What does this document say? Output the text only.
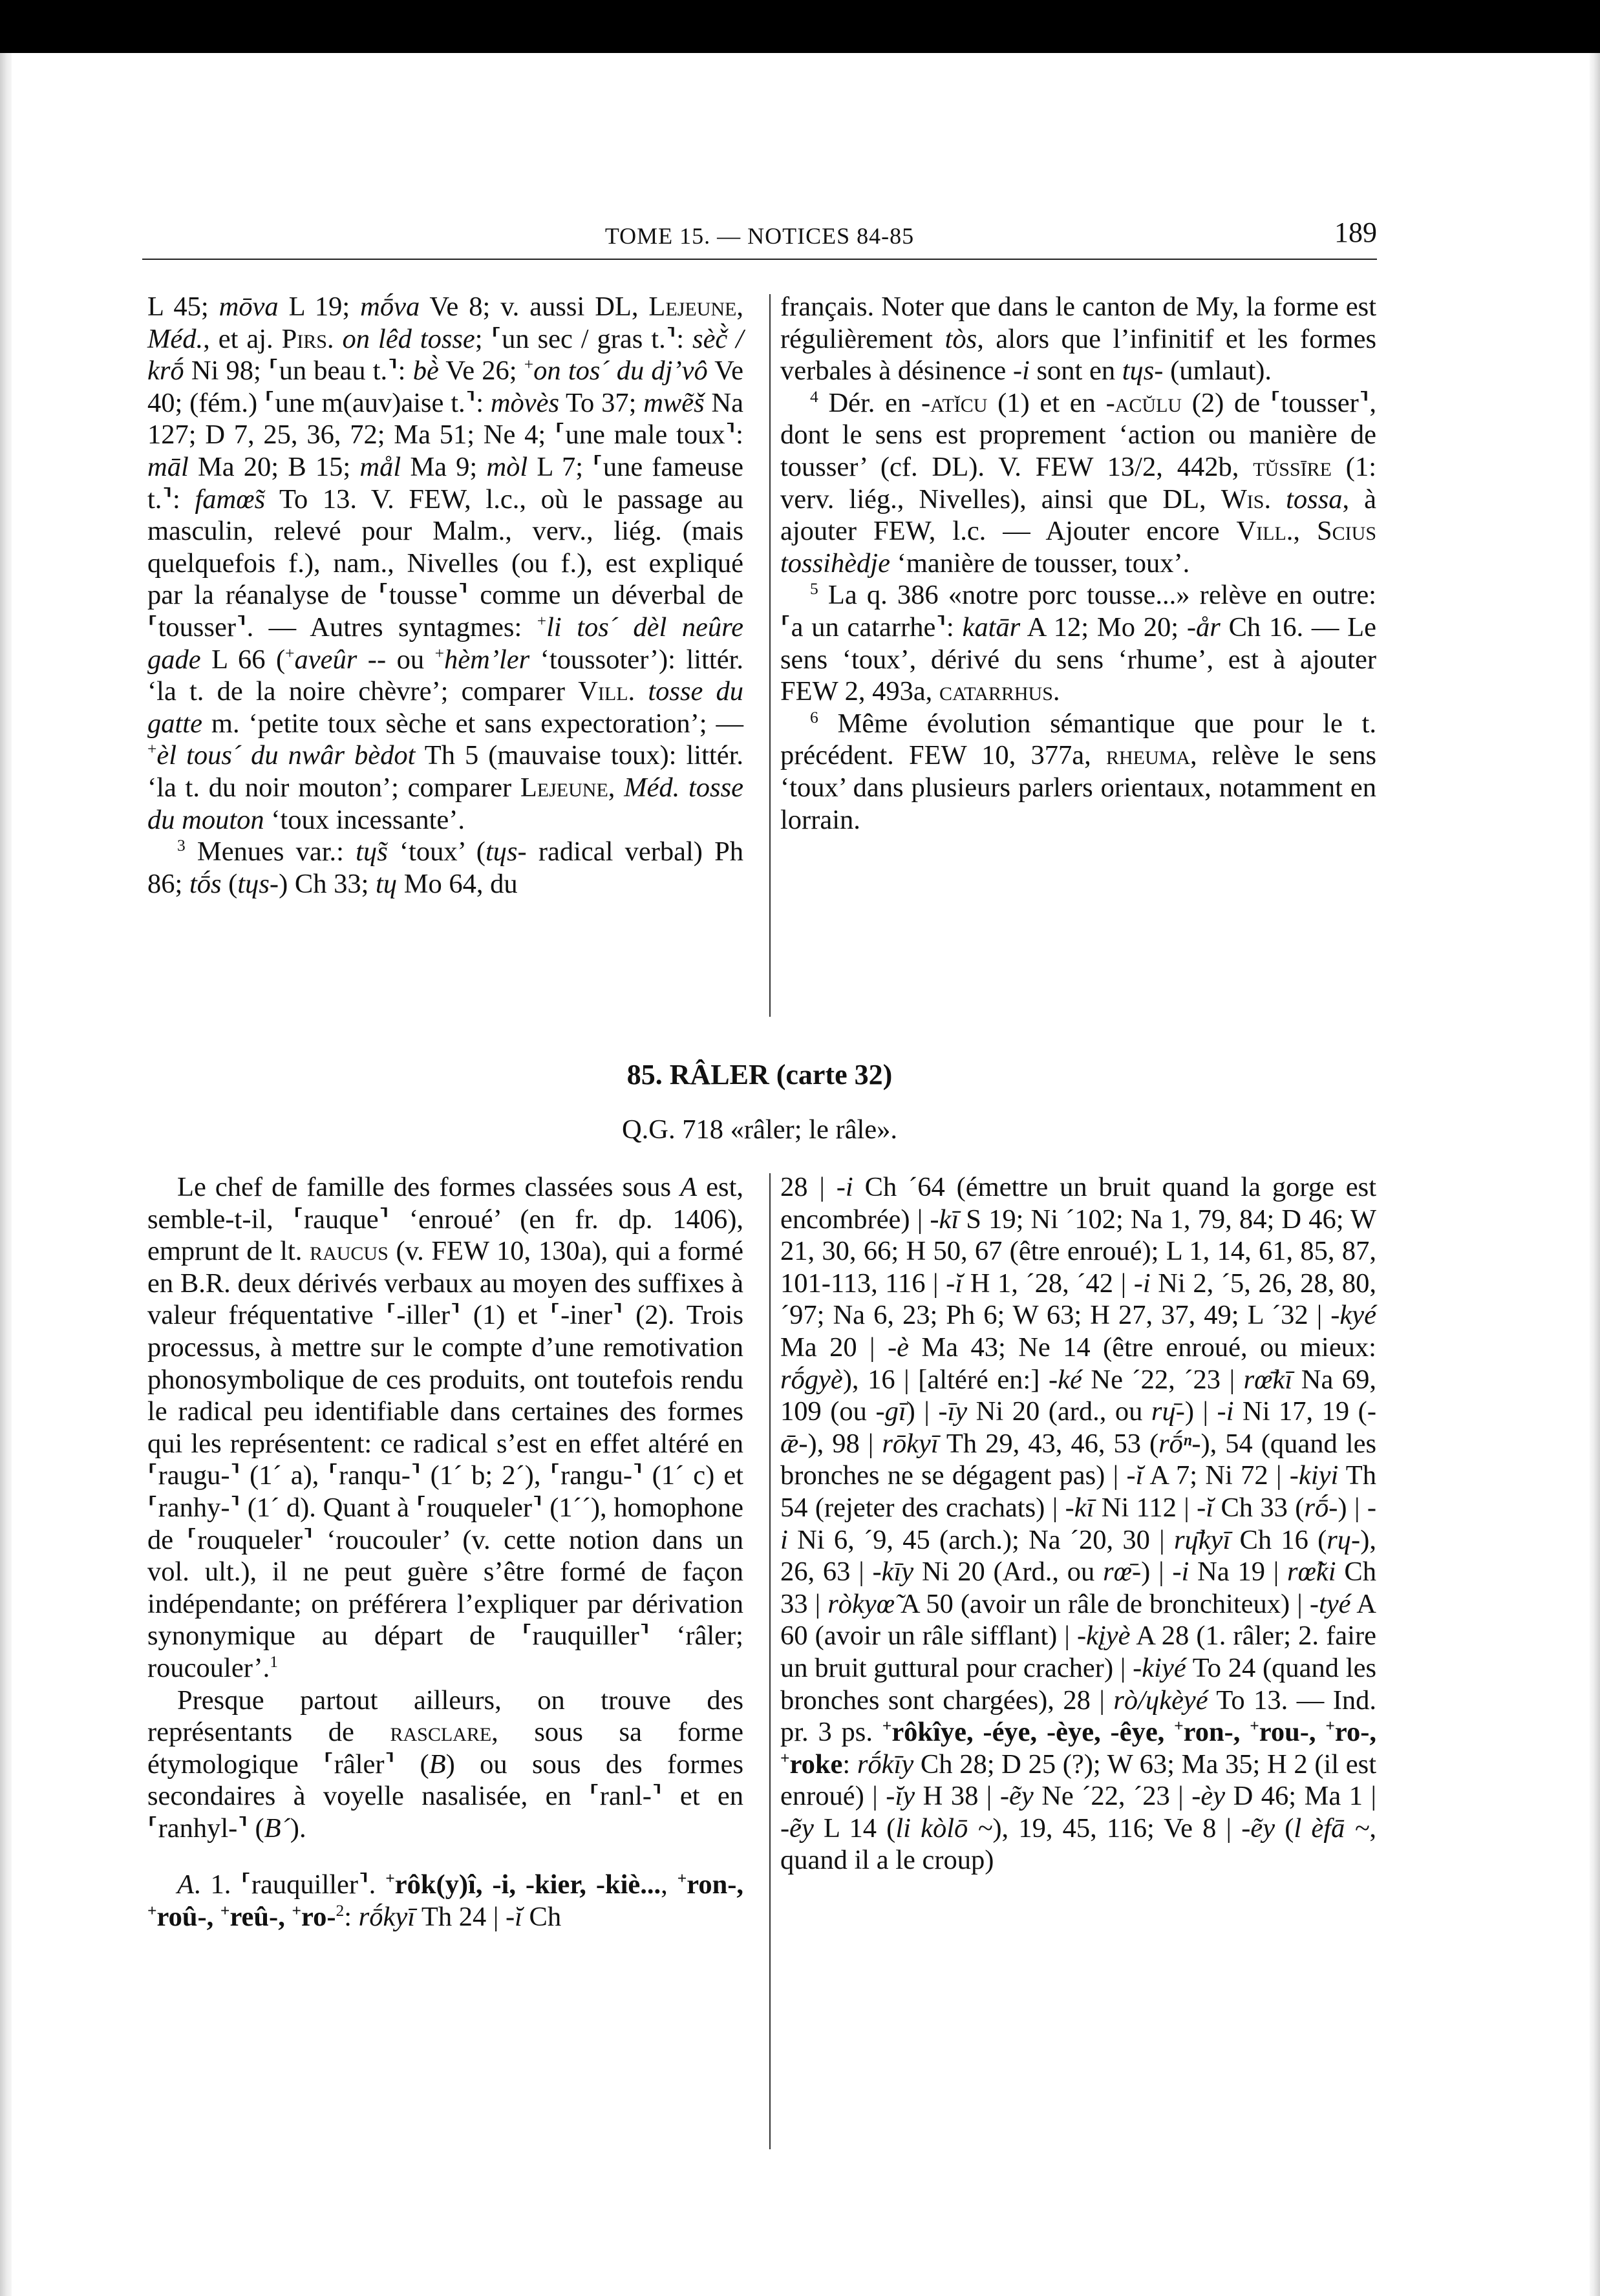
TOME 15. — NOTICES 84-85	189

L 45; mōva L 19; mṓva Ve 8; v. aussi DL, Lejeune, Méd., et aj. Pirs. on lêd tosse; ⸢un sec / gras t.⸣: sèč̀ / krṓ Ni 98; ⸢un beau t.⸣: bè̀ Ve 26; +on tos´ du dj’vô Ve 40; (fém.) ⸢une m(auv)aise t.⸣: mòvès To 37; mwẽš Na 127; D 7, 25, 36, 72; Ma 51; Ne 4; ⸢une male toux⸣: māl Ma 20; B 15; mål Ma 9; mòl L 7; ⸢une fameuse t.⸣: famœ̃s To 13. V. FEW, l.c., où le passage au masculin, relevé pour Malm., verv., liég. (mais quelquefois f.), nam., Nivelles (ou f.), est expliqué par la réanalyse de ⸢tousse⸣ comme un déverbal de ⸢tousser⸣. — Autres syntagmes: +li tos´ dèl neûre gade L 66 (+aveûr -- ou +hèm’ler ‘toussoter’): littér. ‘la t. de la noire chèvre’; comparer Vill. tosse du gatte m. ‘petite toux sèche et sans expectoration’; — +èl tous´ du nwâr bèdot Th 5 (mauvaise toux): littér. ‘la t. du noir mouton’; comparer Lejeune, Méd. tosse du mouton ‘toux incessante’.

$^3$ Menues var.: tɥ̃s ‘toux’ (tɥs- radical verbal) Ph 86; tṓs (tɥs-) Ch 33; tɥ Mo 64, du

français. Noter que dans le canton de My, la forme est régulièrement tòs, alors que l’infinitif et les formes verbales à désinence -i sont en tɥs- (umlaut).

$^4$ Dér. en -atĭcu (1) et en -acŭlu (2) de ⸢tousser⸣, dont le sens est proprement ‘action ou manière de tousser’ (cf. DL). V. FEW 13/2, 442b, tŭssīre (1: verv. liég., Nivelles), ainsi que DL, Wis. tossa, à ajouter FEW, l.c. — Ajouter encore Vill., Scius tossihèdje ‘manière de tousser, toux’.

$^5$ La q. 386 «notre porc tousse...» relève en outre: ⸢a un catarrhe⸣: katār A 12; Mo 20; -år Ch 16. — Le sens ‘toux’, dérivé du sens ‘rhume’, est à ajouter FEW 2, 493a, catarrhus.

$^6$ Même évolution sémantique que pour le t. précédent. FEW 10, 377a, rheuma, relève le sens ‘toux’ dans plusieurs parlers orientaux, notamment en lorrain.

85. RÂLER (carte 32)
Q.G. 718 «râler; le râle».

Le chef de famille des formes classées sous A est, semble-t-il, ⸢rauque⸣ ‘enroué’ (en fr. dp. 1406), emprunt de lt. raucus (v. FEW 10, 130a), qui a formé en B.R. deux dérivés verbaux au moyen des suffixes à valeur fréquentative ⸢-iller⸣ (1) et ⸢-iner⸣ (2). Trois processus, à mettre sur le compte d’une remotivation phonosymbolique de ces produits, ont toutefois rendu le radical peu identifiable dans certaines des formes qui les représentent: ce radical s’est en effet altéré en ⸢raugu-⸣ (1´ a), ⸢ranqu-⸣ (1´ b; 2´), ⸢rangu-⸣ (1´ c) et ⸢ranhy-⸣ (1´ d). Quant à ⸢rouqueler⸣ (1´´), homophone de ⸢rouqueler⸣ ‘roucouler’ (v. cette notion dans un vol. ult.), il ne peut guère s’être formé de façon indépendante; on préférera l’expliquer par dérivation synonymique au départ de ⸢rauquiller⸣ ‘râler; roucouler’.$^1$

Presque partout ailleurs, on trouve des représentants de rasclare, sous sa forme étymologique ⸢râler⸣ (B) ou sous des formes secondaires à voyelle nasalisée, en ⸢ranl-⸣ et en ⸢ranhyl-⸣ (B´).

A. 1. ⸢rauquiller⸣. +rôk(y)î, -i, -kier, -kiè..., +ron-, +roû-, +reû-, +ro-$^2$: rṓkyī Th 24 | -ĭ Ch

28 | -i Ch ´64 (émettre un bruit quand la gorge est encombrée) | -kī S 19; Ni ´102; Na 1, 79, 84; D 46; W 21, 30, 66; H 50, 67 (être enroué); L 1, 14, 61, 85, 87, 101-113, 116 | -ĭ H 1, ´28, ´42 | -i Ni 2, ´5, 26, 28, 80, ´97; Na 6, 23; Ph 6; W 63; H 27, 37, 49; L ´32 | -kyé Ma 20 | -è Ma 43; Ne 14 (être enroué, ou mieux: rṓgyè), 16 | [altéré en:] -ké Ne ´22, ´23 | rœ̄kī Na 69, 109 (ou -gī) | -īy Ni 20 (ard., ou rɥ̄-) | -i Ni 17, 19 (-ǣ-), 98 | rōkyī Th 29, 43, 46, 53 (rṓⁿ-), 54 (quand les bronches ne se dégagent pas) | -ĭ A 7; Ni 72 | -kiyi Th 54 (rejeter des crachats) | -kī Ni 112 | -ĭ Ch 33 (rṓ-) | -i Ni 6, ´9, 45 (arch.); Na ´20, 30 | rɥ̄kyī Ch 16 (rɥ-), 26, 63 | -kīy Ni 20 (Ard., ou rœ̄-) | -i Na 19 | rœ̃ki Ch 33 | ròkyœ̃ A 50 (avoir un râle de bronchiteux) | -tyé A 60 (avoir un râle sifflant) | -kįyè A 28 (1. râler; 2. faire un bruit guttural pour cracher) | -kiyé To 24 (quand les bronches sont chargées), 28 | rò/ɥkèyé To 13. — Ind. pr. 3 ps. +rôkîye, -éye, -èye, -êye, +ron-, +rou-, +ro-, +roke: rṓkīy Ch 28; D 25 (?); W 63; Ma 35; H 2 (il est enroué) | -ĭy H 38 | -ẽy Ne ´22, ´23 | -èy D 46; Ma 1 | -ẽy L 14 (li kòlō ~), 19, 45, 116; Ve 8 | -ẽy (l èfā ~, quand il a le croup)
